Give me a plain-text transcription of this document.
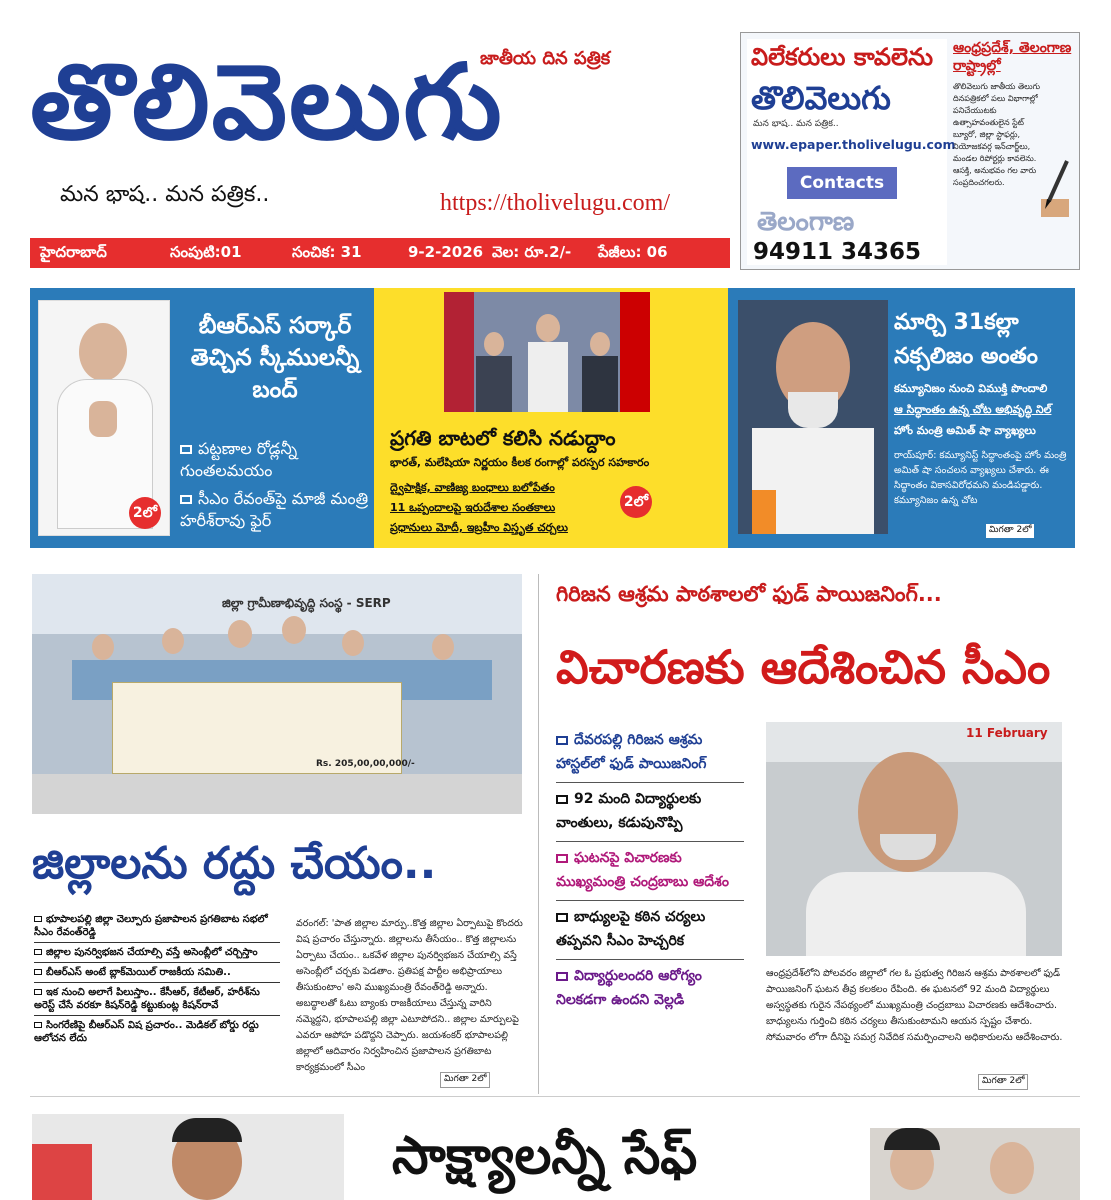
తొలివెలుగు
జాతీయ దిన పత్రిక
మన భాష.. మన పత్రిక..	https://tholivelugu.com/
విలేకరులు కావలెను
తొలివెలుగు
మన భాష.. మన పత్రిక..
www.epaper.tholivelugu.com
Contacts
తెలంగాణ
94911 34365
ఆంధ్రప్రదేశ్, తెలంగాణ రాష్ట్రాల్లో
తొలివెలుగు జాతీయ తెలుగు దినపత్రికలో పలు విభాగాల్లో పనిచేయుటకు ఉత్సాహవంతులైన స్టేట్ బ్యూరో, జిల్లా స్టాఫర్లు, నియోజకవర్గ ఇన్‌చార్జ్‌లు, మండల రిపోర్టర్లు కావలెను. ఆసక్తి, అనుభవం గల వారు సంప్రదించగలరు.
హైదరాబాద్	సంపుటి:01	సంచిక: 31	9-2-2026 వెల: రూ.2/- పేజీలు: 06
2లో
బీఆర్ఎస్ సర్కార్ తెచ్చిన స్కీములన్నీ బంద్
పట్టణాల రోడ్లన్నీ గుంతలమయం
సీఎం రేవంత్‌పై మాజీ మంత్రి హరీశ్‌రావు ఫైర్
ప్రగతి బాటలో కలిసి నడుద్దాం
భారత్, మలేషియా నిర్ణయం కీలక రంగాల్లో పరస్పర సహకారం
ద్వైపాక్షిక, వాణిజ్య బంధాలు బలోపేతం
11 ఒప్పందాలపై ఇరుదేశాల సంతకాలు
ప్రధానులు మోదీ, ఇబ్రహీం విస్తృత చర్చలు
2లో
మార్చి 31కల్లా నక్సలిజం అంతం
కమ్యూనిజం నుంచి విముక్తి పొందాలి
ఆ సిద్ధాంతం ఉన్న చోట అభివృద్ధి నిల్
హోం మంత్రి అమిత్ షా వ్యాఖ్యలు
రాయ్‌పూర్: కమ్యూనిస్ట్ సిద్ధాంతంపై హోం మంత్రి అమిత్ షా సంచలన వ్యాఖ్యలు చేశారు. ఈ సిద్ధాంతం వికాసవిరోధమని మండిపడ్డారు. కమ్యూనిజం ఉన్న చోట
మిగతా 2లో
జిల్లా గ్రామీణాభివృద్ధి సంస్థ - SERP
Rs. 205,00,00,000/-
జిల్లాలను రద్దు చేయం..
భూపాలపల్లి జిల్లా చెల్పూరు ప్రజాపాలన ప్రగతిబాట సభలో సీఎం రేవంత్‌రెడ్డి
జిల్లాల పునర్విభజన చేయాల్సి వస్తే అసెంబ్లీలో చర్చిస్తాం
బీఆర్ఎస్ అంటే బ్లాక్‌మెయిల్ రాజకీయ సమితి..
ఇక నుంచి అలాగే పిలుస్తాం.. కేసీఆర్, కేటీఆర్, హరీశ్‌ను అరెస్ట్ చేసే వరకూ కిషన్‌రెడ్డి కట్టుకుంట్ల కిషన్‌రావే
సింగరేణిపై బీఆర్ఎస్ విష ప్రచారం.. మెడికల్ బోర్డు రద్దు ఆలోచన లేదు
వరంగల్: 'పాత జిల్లాల మార్పు..కొత్త జిల్లాల ఏర్పాటుపై కొందరు విష ప్రచారం చేస్తున్నారు. జిల్లాలను తీసేయం.. కొత్త జిల్లాలను ఏర్పాటు చేయం.. ఒకవేళ జిల్లాల పునర్విభజన చేయాల్సి వస్తే అసెంబ్లీలో చర్చకు పెడతాం. ప్రతిపక్ష పార్టీల అభిప్రాయాలు తీసుకుంటాం' అని ముఖ్యమంత్రి రేవంత్‌రెడ్డి అన్నారు. అబద్ధాలతో ఓటు బ్యాంకు రాజకీయాలు చేస్తున్న వారిని నమ్మెద్దని, భూపాలపల్లి జిల్లా ఎటూపోదని.. జిల్లాల మార్పులపై ఎవరూ ఆపోహ పడొద్దని చెప్పారు. జయశంకర్ భూపాలపల్లి జిల్లాలో ఆదివారం నిర్వహించిన ప్రజాపాలన ప్రగతిబాట కార్యక్రమంలో సీఎం
మిగతా 2లో
గిరిజన ఆశ్రమ పాఠశాలలో ఫుడ్ పాయిజనింగ్...
విచారణకు ఆదేశించిన సీఎం
దేవరపల్లి గిరిజన ఆశ్రమ హాస్టల్‌లో ఫుడ్ పాయిజనింగ్
92 మంది విద్యార్థులకు వాంతులు, కడుపునొప్పి
ఘటనపై విచారణకు ముఖ్యమంత్రి చంద్రబాబు ఆదేశం
బాధ్యులపై కఠిన చర్యలు తప్పవని సీఎం హెచ్చరిక
విద్యార్థులందరి ఆరోగ్యం నిలకడగా ఉందని వెల్లడి
11 February
ఆంధ్రప్రదేశ్‌లోని పోలవరం జిల్లాలో గల ఓ ప్రభుత్వ గిరిజన ఆశ్రమ పాఠశాలలో ఫుడ్ పాయిజనింగ్ ఘటన తీవ్ర కలకలం రేపింది. ఈ ఘటనలో 92 మంది విద్యార్థులు అస్వస్థతకు గురైన నేపథ్యంలో ముఖ్యమంత్రి చంద్రబాబు విచారణకు ఆదేశించారు. బాధ్యులను గుర్తించి కఠిన చర్యలు తీసుకుంటామని ఆయన స్పష్టం చేశారు. సోమవారం లోగా దీనిపై సమగ్ర నివేదిక సమర్పించాలని అధికారులను ఆదేశించారు.
మిగతా 2లో
సాక్ష్యాలన్నీ సేఫ్
